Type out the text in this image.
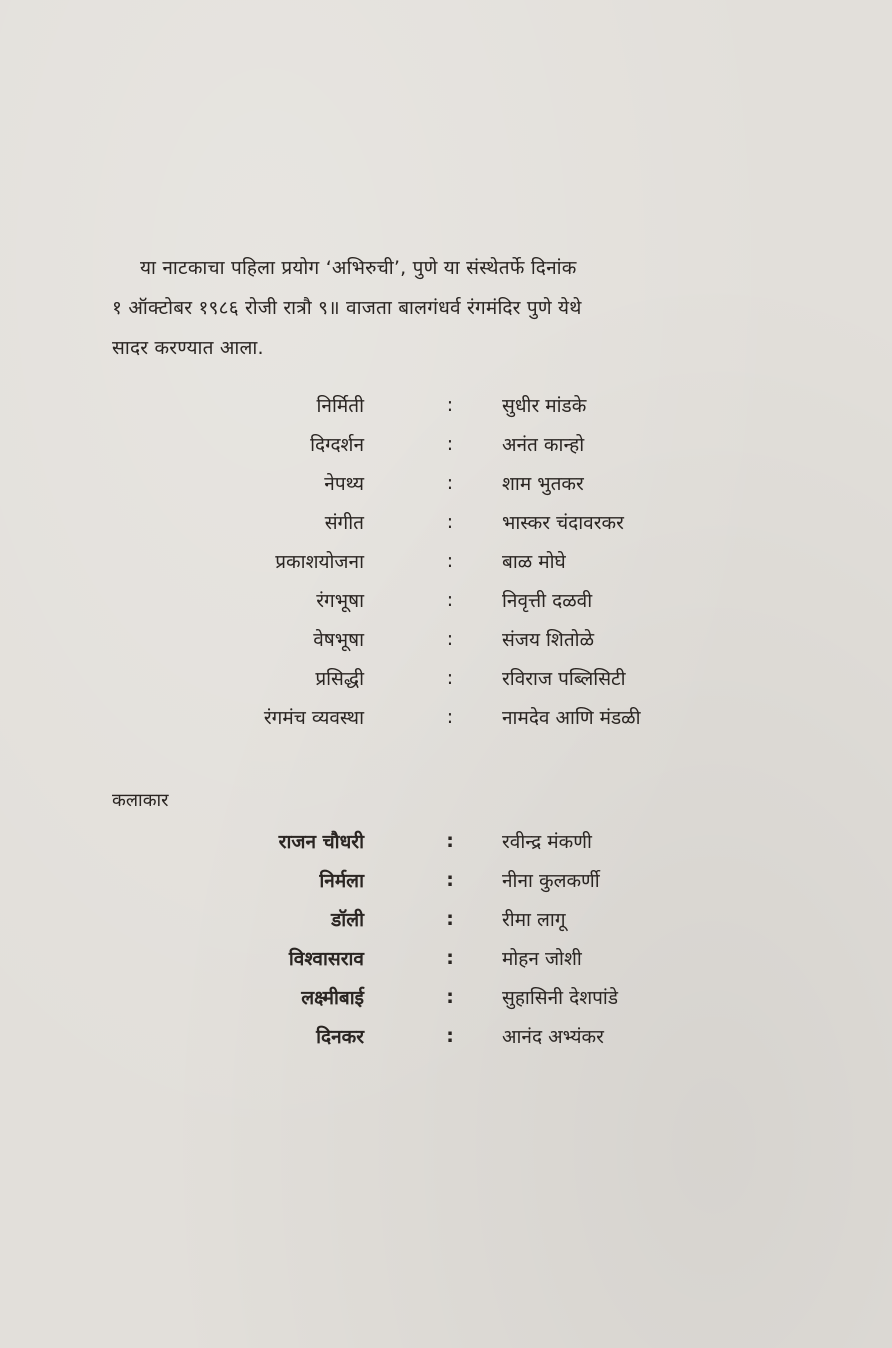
या नाटकाचा पहिला प्रयोग ‘अभिरुची’, पुणे या संस्थेतर्फे दिनांक
१ ऑक्टोबर १९८६ रोजी रात्रौ ९॥ वाजता बालगंधर्व रंगमंदिर पुणे येथे
सादर करण्यात आला.
निर्मिती	:	सुधीर मांडके
दिग्दर्शन	:	अनंत कान्हो
नेपथ्य	:	शाम भुतकर
संगीत	:	भास्कर चंदावरकर
प्रकाशयोजना	:	बाळ मोघे
रंगभूषा	:	निवृत्ती दळवी
वेषभूषा	:	संजय शितोळे
प्रसिद्धी	:	रविराज पब्लिसिटी
रंगमंच व्यवस्था	:	नामदेव आणि मंडळी
कलाकार
राजन चौधरी	:	रवीन्द्र मंकणी
निर्मला	:	नीना कुलकर्णी
डॉली	:	रीमा लागू
विश्वासराव	:	मोहन जोशी
लक्ष्मीबाई	:	सुहासिनी देशपांडे
दिनकर	:	आनंद अभ्यंकर
